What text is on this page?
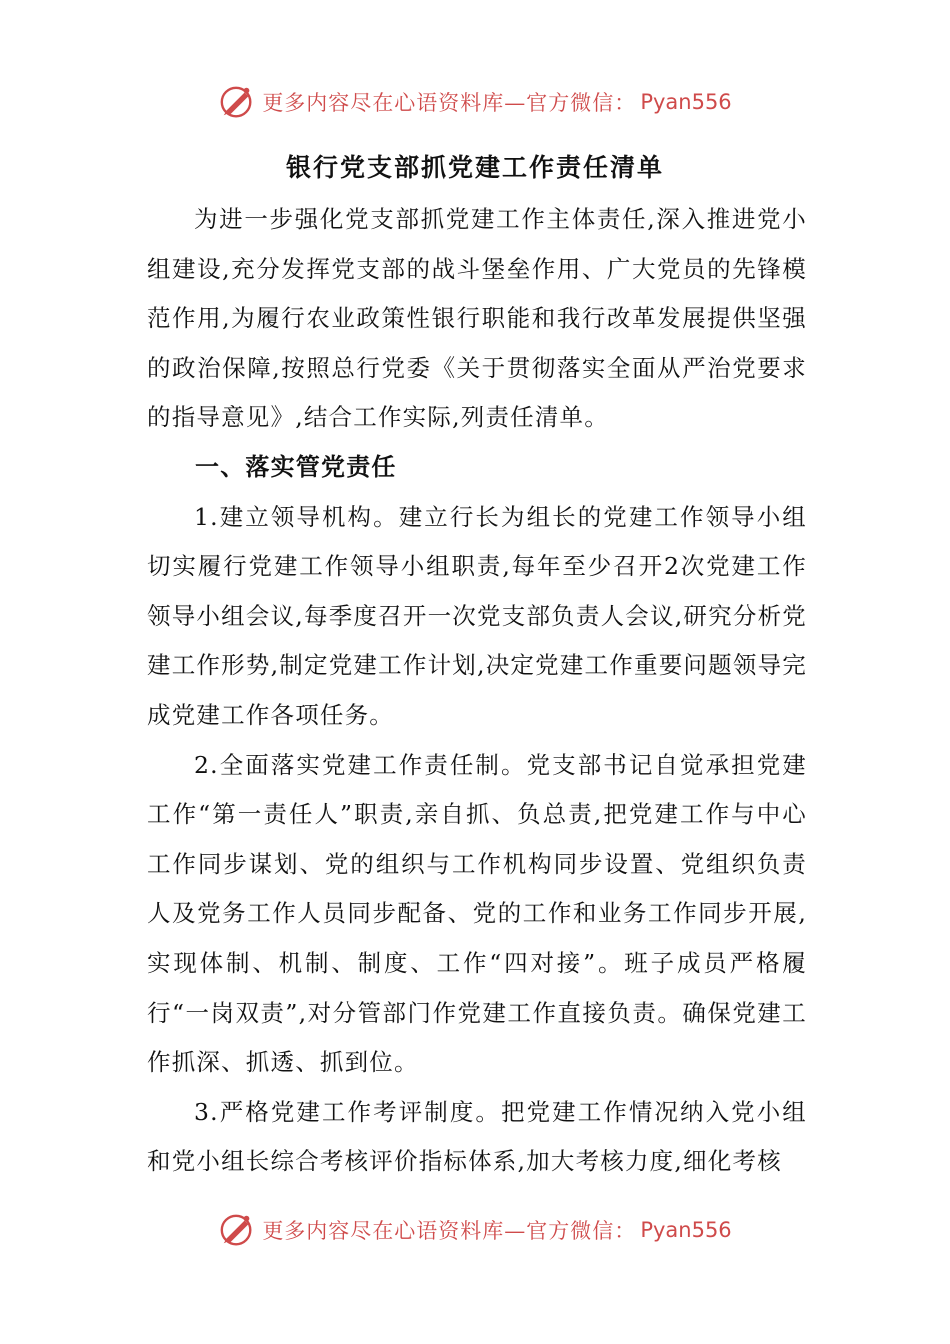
更多内容尽在心语资料库—官方微信： Pyan556
银行党支部抓党建工作责任清单

为进一步强化党支部抓党建工作主体责任,深入推进党小组建设,充分发挥党支部的战斗堡垒作用、广大党员的先锋模范作用,为履行农业政策性银行职能和我行改革发展提供坚强的政治保障,按照总行党委《关于贯彻落实全面从严治党要求的指导意见》,结合工作实际,列责任清单。

一、落实管党责任

1.建立领导机构。建立行长为组长的党建工作领导小组切实履行党建工作领导小组职责,每年至少召开2次党建工作领导小组会议,每季度召开一次党支部负责人会议,研究分析党建工作形势,制定党建工作计划,决定党建工作重要问题领导完成党建工作各项任务。

2.全面落实党建工作责任制。党支部书记自觉承担党建工作“第一责任人”职责,亲自抓、负总责,把党建工作与中心工作同步谋划、党的组织与工作机构同步设置、党组织负责人及党务工作人员同步配备、党的工作和业务工作同步开展,实现体制、机制、制度、工作“四对接”。班子成员严格履行“一岗双责”,对分管部门作党建工作直接负责。确保党建工作抓深、抓透、抓到位。

3.严格党建工作考评制度。把党建工作情况纳入党小组和党小组长综合考核评价指标体系,加大考核力度,细化考核

更多内容尽在心语资料库—官方微信： Pyan556
